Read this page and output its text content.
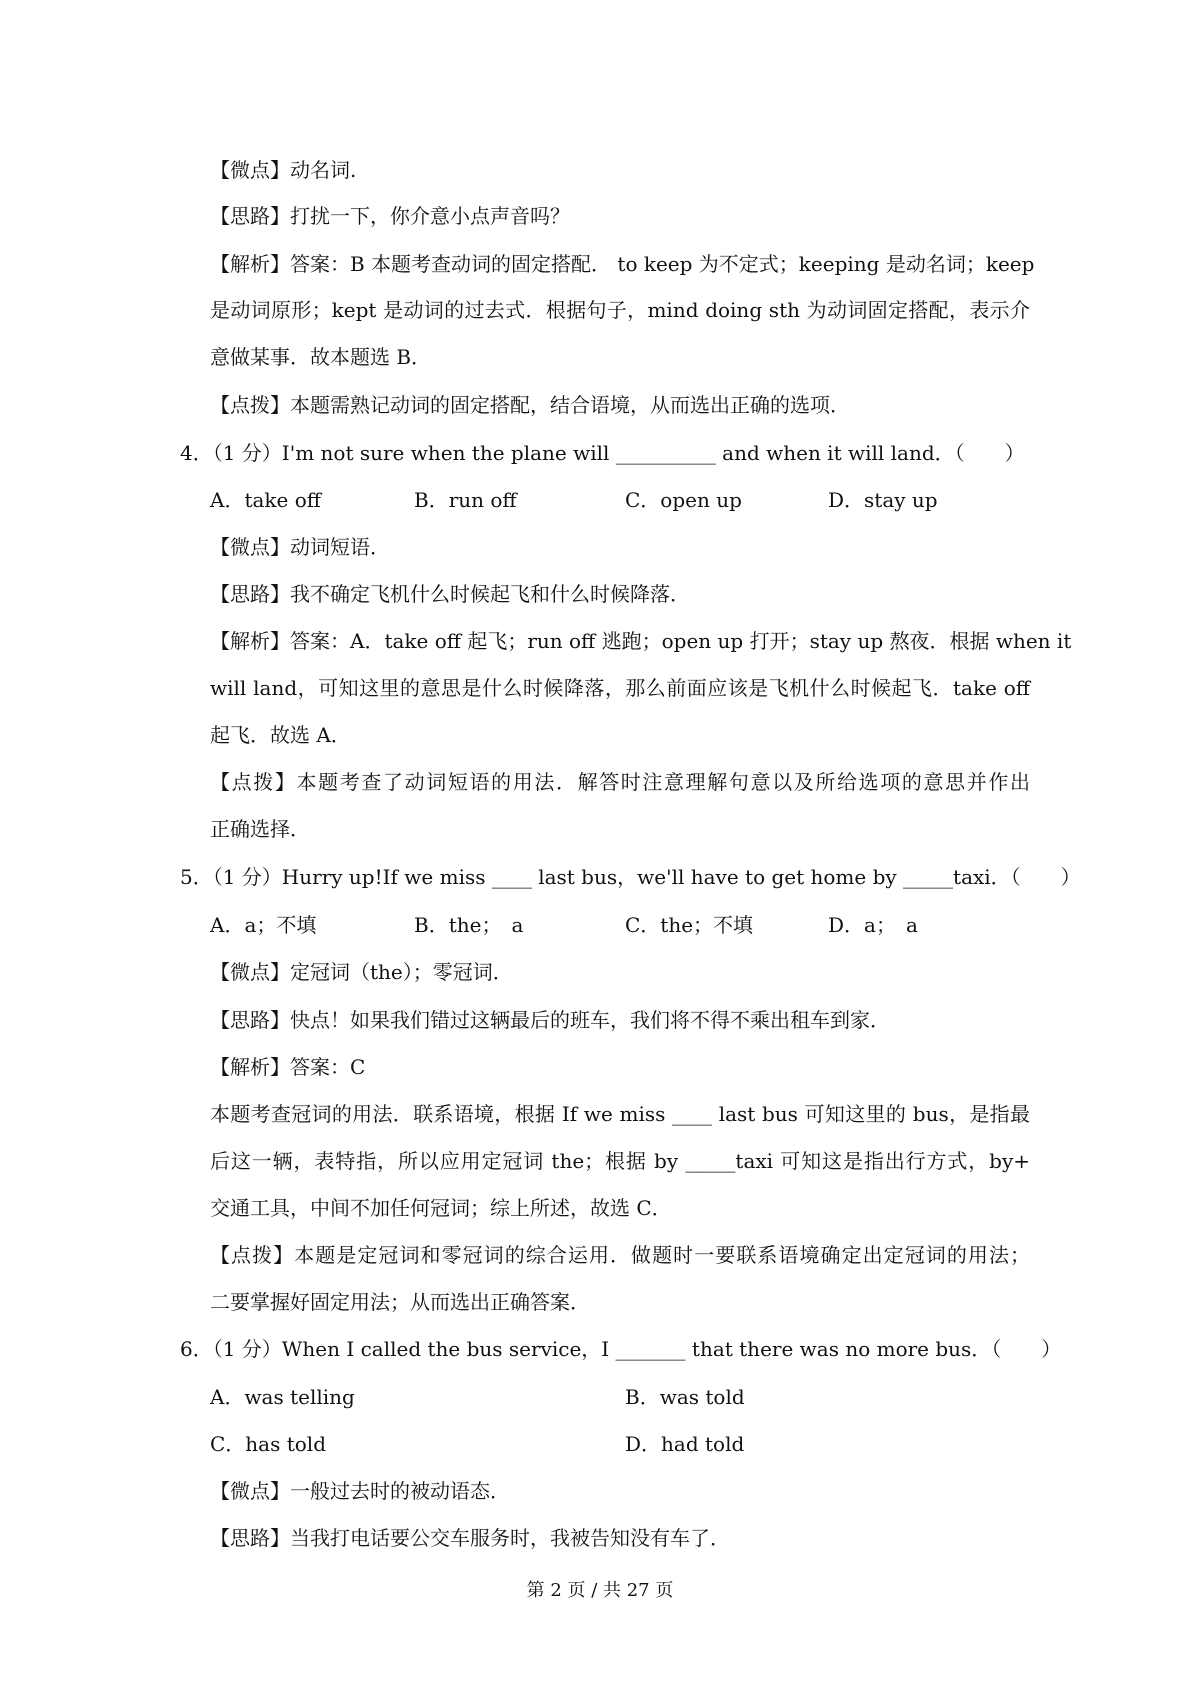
【微点】动名词.
【思路】打扰一下，你介意小点声音吗？
【解析】答案：B 本题考查动词的固定搭配． to keep 为不定式；keeping 是动名词；keep
是动词原形；kept 是动词的过去式．根据句子，mind doing sth 为动词固定搭配，表示介
意做某事．故本题选 B．
【点拨】本题需熟记动词的固定搭配，结合语境，从而选出正确的选项．
4．（1 分）I'm not sure when the plane will __________ and when it will land．（　　）
A．take off	B．run off	C．open up	D．stay up
【微点】动词短语．
【思路】我不确定飞机什么时候起飞和什么时候降落．
【解析】答案：A．take off 起飞；run off 逃跑；open up 打开；stay up 熬夜．根据 when it
will land，可知这里的意思是什么时候降落，那么前面应该是飞机什么时候起飞．take off
起飞．故选 A．
【点拨】本题考查了动词短语的用法．解答时注意理解句意以及所给选项的意思并作出
正确选择．
5．（1 分）Hurry up!If we miss ____ last bus，we'll have to get home by _____taxi．（　　）
A．a；不填	B．the；　a	C．the；不填	D．a；　a
【微点】定冠词（the）；零冠词．
【思路】快点！如果我们错过这辆最后的班车，我们将不得不乘出租车到家．
【解析】答案：C
本题考查冠词的用法．联系语境，根据 If we miss ____ last bus 可知这里的 bus，是指最
后这一辆，表特指，所以应用定冠词 the；根据 by _____taxi 可知这是指出行方式，by+
交通工具，中间不加任何冠词；综上所述，故选 C．
【点拨】本题是定冠词和零冠词的综合运用．做题时一要联系语境确定出定冠词的用法；
二要掌握好固定用法；从而选出正确答案．
6．（1 分）When I called the bus service，I _______ that there was no more bus．（　　）
A．was telling	B．was told
C．has told	D．had told
【微点】一般过去时的被动语态．
【思路】当我打电话要公交车服务时，我被告知没有车了．
第 2 页 / 共 27 页
